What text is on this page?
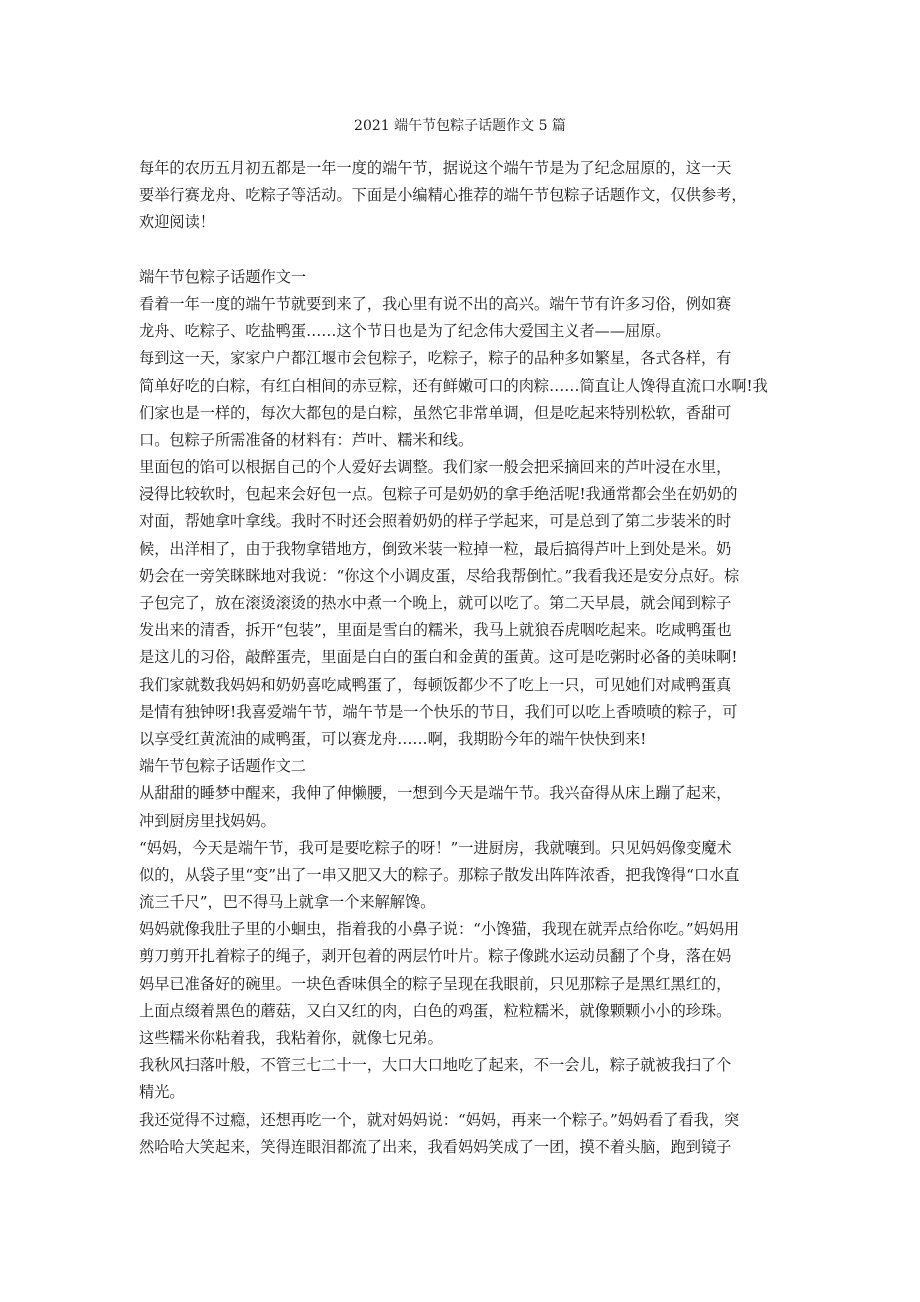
2021 端午节包粽子话题作文 5 篇

每年的农历五月初五都是一年一度的端午节，据说这个端午节是为了纪念屈原的，这一天

要举行赛龙舟、吃粽子等活动。下面是小编精心推荐的端午节包粽子话题作文，仅供参考，

欢迎阅读！

端午节包粽子话题作文一

看着一年一度的端午节就要到来了，我心里有说不出的高兴。端午节有许多习俗，例如赛

龙舟、吃粽子、吃盐鸭蛋……这个节日也是为了纪念伟大爱国主义者——屈原。

每到这一天，家家户户都江堰市会包粽子，吃粽子，粽子的品种多如繁星，各式各样，有

简单好吃的白粽，有红白相间的赤豆粽，还有鲜嫩可口的肉粽……简直让人馋得直流口水啊!我

们家也是一样的，每次大都包的是白粽，虽然它非常单调，但是吃起来特别松软，香甜可

口。包粽子所需准备的材料有：芦叶、糯米和线。

里面包的馅可以根据自己的个人爱好去调整。我们家一般会把采摘回来的芦叶浸在水里，

浸得比较软时，包起来会好包一点。包粽子可是奶奶的拿手绝活呢!我通常都会坐在奶奶的

对面，帮她拿叶拿线。我时不时还会照着奶奶的样子学起来，可是总到了第二步装米的时

候，出洋相了，由于我物拿错地方，倒致米装一粒掉一粒，最后搞得芦叶上到处是米。奶

奶会在一旁笑眯眯地对我说：“你这个小调皮蛋，尽给我帮倒忙。”我看我还是安分点好。棕

子包完了，放在滚烫滚烫的热水中煮一个晚上，就可以吃了。第二天早晨，就会闻到粽子

发出来的清香，拆开“包装”，里面是雪白的糯米，我马上就狼吞虎咽吃起来。吃咸鸭蛋也

是这儿的习俗，敲醉蛋壳，里面是白白的蛋白和金黄的蛋黄。这可是吃粥时必备的美味啊!

我们家就数我妈妈和奶奶喜吃咸鸭蛋了，每顿饭都少不了吃上一只，可见她们对咸鸭蛋真

是情有独钟呀!我喜爱端午节，端午节是一个快乐的节日，我们可以吃上香喷喷的粽子，可

以享受红黄流油的咸鸭蛋，可以赛龙舟……啊，我期盼今年的端午快快到来!

端午节包粽子话题作文二

从甜甜的睡梦中醒来，我伸了伸懒腰，一想到今天是端午节。我兴奋得从床上蹦了起来，

冲到厨房里找妈妈。

“妈妈，今天是端午节，我可是要吃粽子的呀！”一进厨房，我就嚷到。只见妈妈像变魔术

似的，从袋子里“变”出了一串又肥又大的粽子。那粽子散发出阵阵浓香，把我馋得“口水直

流三千尺”，巴不得马上就拿一个来解解馋。

妈妈就像我肚子里的小蛔虫，指着我的小鼻子说：“小馋猫，我现在就弄点给你吃。”妈妈用

剪刀剪开扎着粽子的绳子，剥开包着的两层竹叶片。粽子像跳水运动员翻了个身，落在妈

妈早已准备好的碗里。一块色香味俱全的粽子呈现在我眼前，只见那粽子是黑红黑红的，

上面点缀着黑色的蘑菇，又白又红的肉，白色的鸡蛋，粒粒糯米，就像颗颗小小的珍珠。

这些糯米你粘着我，我粘着你，就像七兄弟。

我秋风扫落叶般，不管三七二十一，大口大口地吃了起来，不一会儿，粽子就被我扫了个

精光。

我还觉得不过瘾，还想再吃一个，就对妈妈说：“妈妈，再来一个粽子。”妈妈看了看我，突

然哈哈大笑起来，笑得连眼泪都流了出来，我看妈妈笑成了一团，摸不着头脑，跑到镜子
